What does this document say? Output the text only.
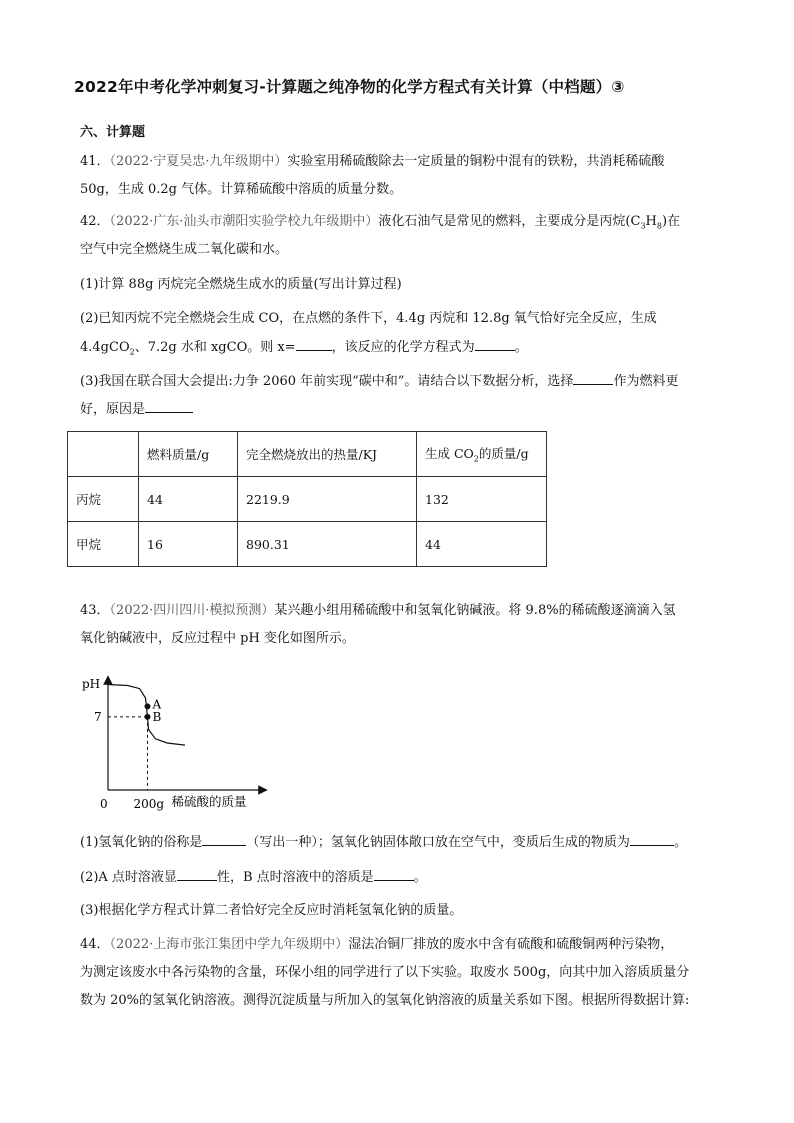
2022年中考化学冲刺复习-计算题之纯净物的化学方程式有关计算（中档题）③
六、计算题
41．（2022·宁夏吴忠·九年级期中）实验室用稀硫酸除去一定质量的铜粉中混有的铁粉，共消耗稀硫酸
50g，生成 0.2g 气体。计算稀硫酸中溶质的质量分数。
42．（2022·广东·汕头市潮阳实验学校九年级期中）液化石油气是常见的燃料，主要成分是丙烷$(C_3H_8)$在
空气中完全燃烧生成二氧化碳和水。
(1)计算 88g 丙烷完全燃烧生成水的质量(写出计算过程)
(2)已知丙烷不完全燃烧会生成 CO，在点燃的条件下，4.4g 丙烷和 12.8g 氧气恰好完全反应，生成
4.4gCO$_2$、7.2g 水和 xgCO。则 x=	，该反应的化学方程式为	。
(3)我国在联合国大会提出:力争 2060 年前实现“碳中和”。请结合以下数据分析，选择	作为燃料更
好，原因是
	燃料质量/g	完全燃烧放出的热量/KJ	生成 $CO_2$的质量/g
丙烷	44	2219.9	132
甲烷	16	890.31	44
43．（2022·四川四川·模拟预测）某兴趣小组用稀硫酸中和氢氧化钠碱液。将 9.8%的稀硫酸逐滴滴入氢
氧化钠碱液中，反应过程中 pH 变化如图所示。
A
B
pH
7
0 200g 稀硫酸的质量
(1)氢氧化钠的俗称是	（写出一种）；氢氧化钠固体敞口放在空气中，变质后生成的物质为	。
(2)A 点时溶液显	性，B 点时溶液中的溶质是	。
(3)根据化学方程式计算二者恰好完全反应时消耗氢氧化钠的质量。
44．（2022·上海市张江集团中学九年级期中）湿法冶铜厂排放的废水中含有硫酸和硫酸铜两种污染物，
为测定该废水中各污染物的含量，环保小组的同学进行了以下实验。取废水 500g，向其中加入溶质质量分
数为 20%的氢氧化钠溶液。测得沉淀质量与所加入的氢氧化钠溶液的质量关系如下图。根据所得数据计算:
